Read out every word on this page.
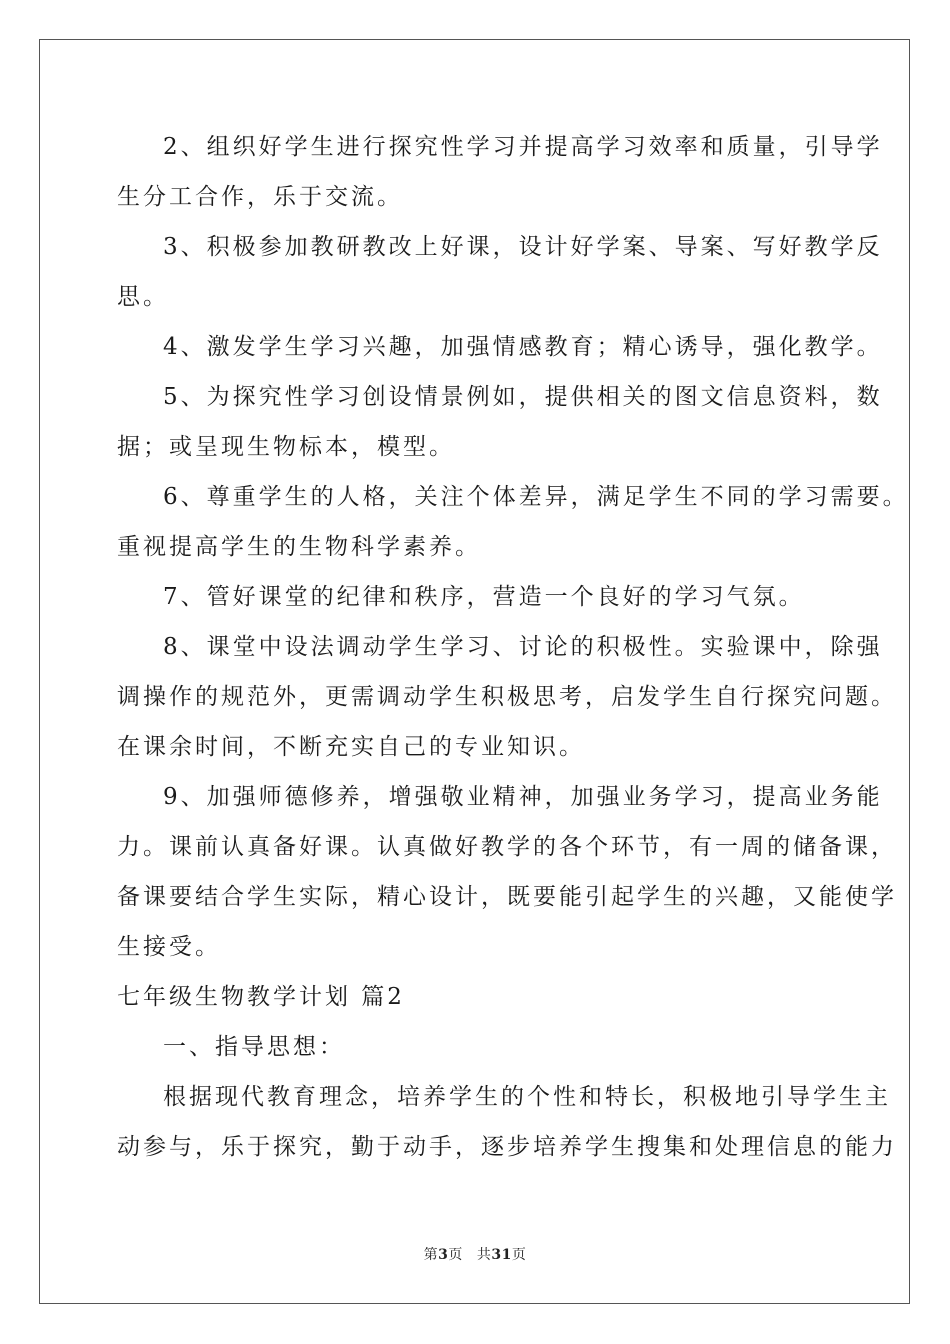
2、组织好学生进行探究性学习并提高学习效率和质量，引导学
生分工合作，乐于交流。
3、积极参加教研教改上好课，设计好学案、导案、写好教学反
思。
4、激发学生学习兴趣，加强情感教育；精心诱导，强化教学。
5、为探究性学习创设情景例如，提供相关的图文信息资料，数
据；或呈现生物标本，模型。
6、尊重学生的人格，关注个体差异，满足学生不同的学习需要。
重视提高学生的生物科学素养。
7、管好课堂的纪律和秩序，营造一个良好的学习气氛。
8、课堂中设法调动学生学习、讨论的积极性。实验课中，除强
调操作的规范外，更需调动学生积极思考，启发学生自行探究问题。
在课余时间，不断充实自己的专业知识。
9、加强师德修养，增强敬业精神，加强业务学习，提高业务能
力。课前认真备好课。认真做好教学的各个环节，有一周的储备课，
备课要结合学生实际，精心设计，既要能引起学生的兴趣，又能使学
生接受。
七年级生物教学计划 篇2
一、指导思想：
根据现代教育理念，培养学生的个性和特长，积极地引导学生主
动参与，乐于探究，勤于动手，逐步培养学生搜集和处理信息的能力
第3页 共31页
